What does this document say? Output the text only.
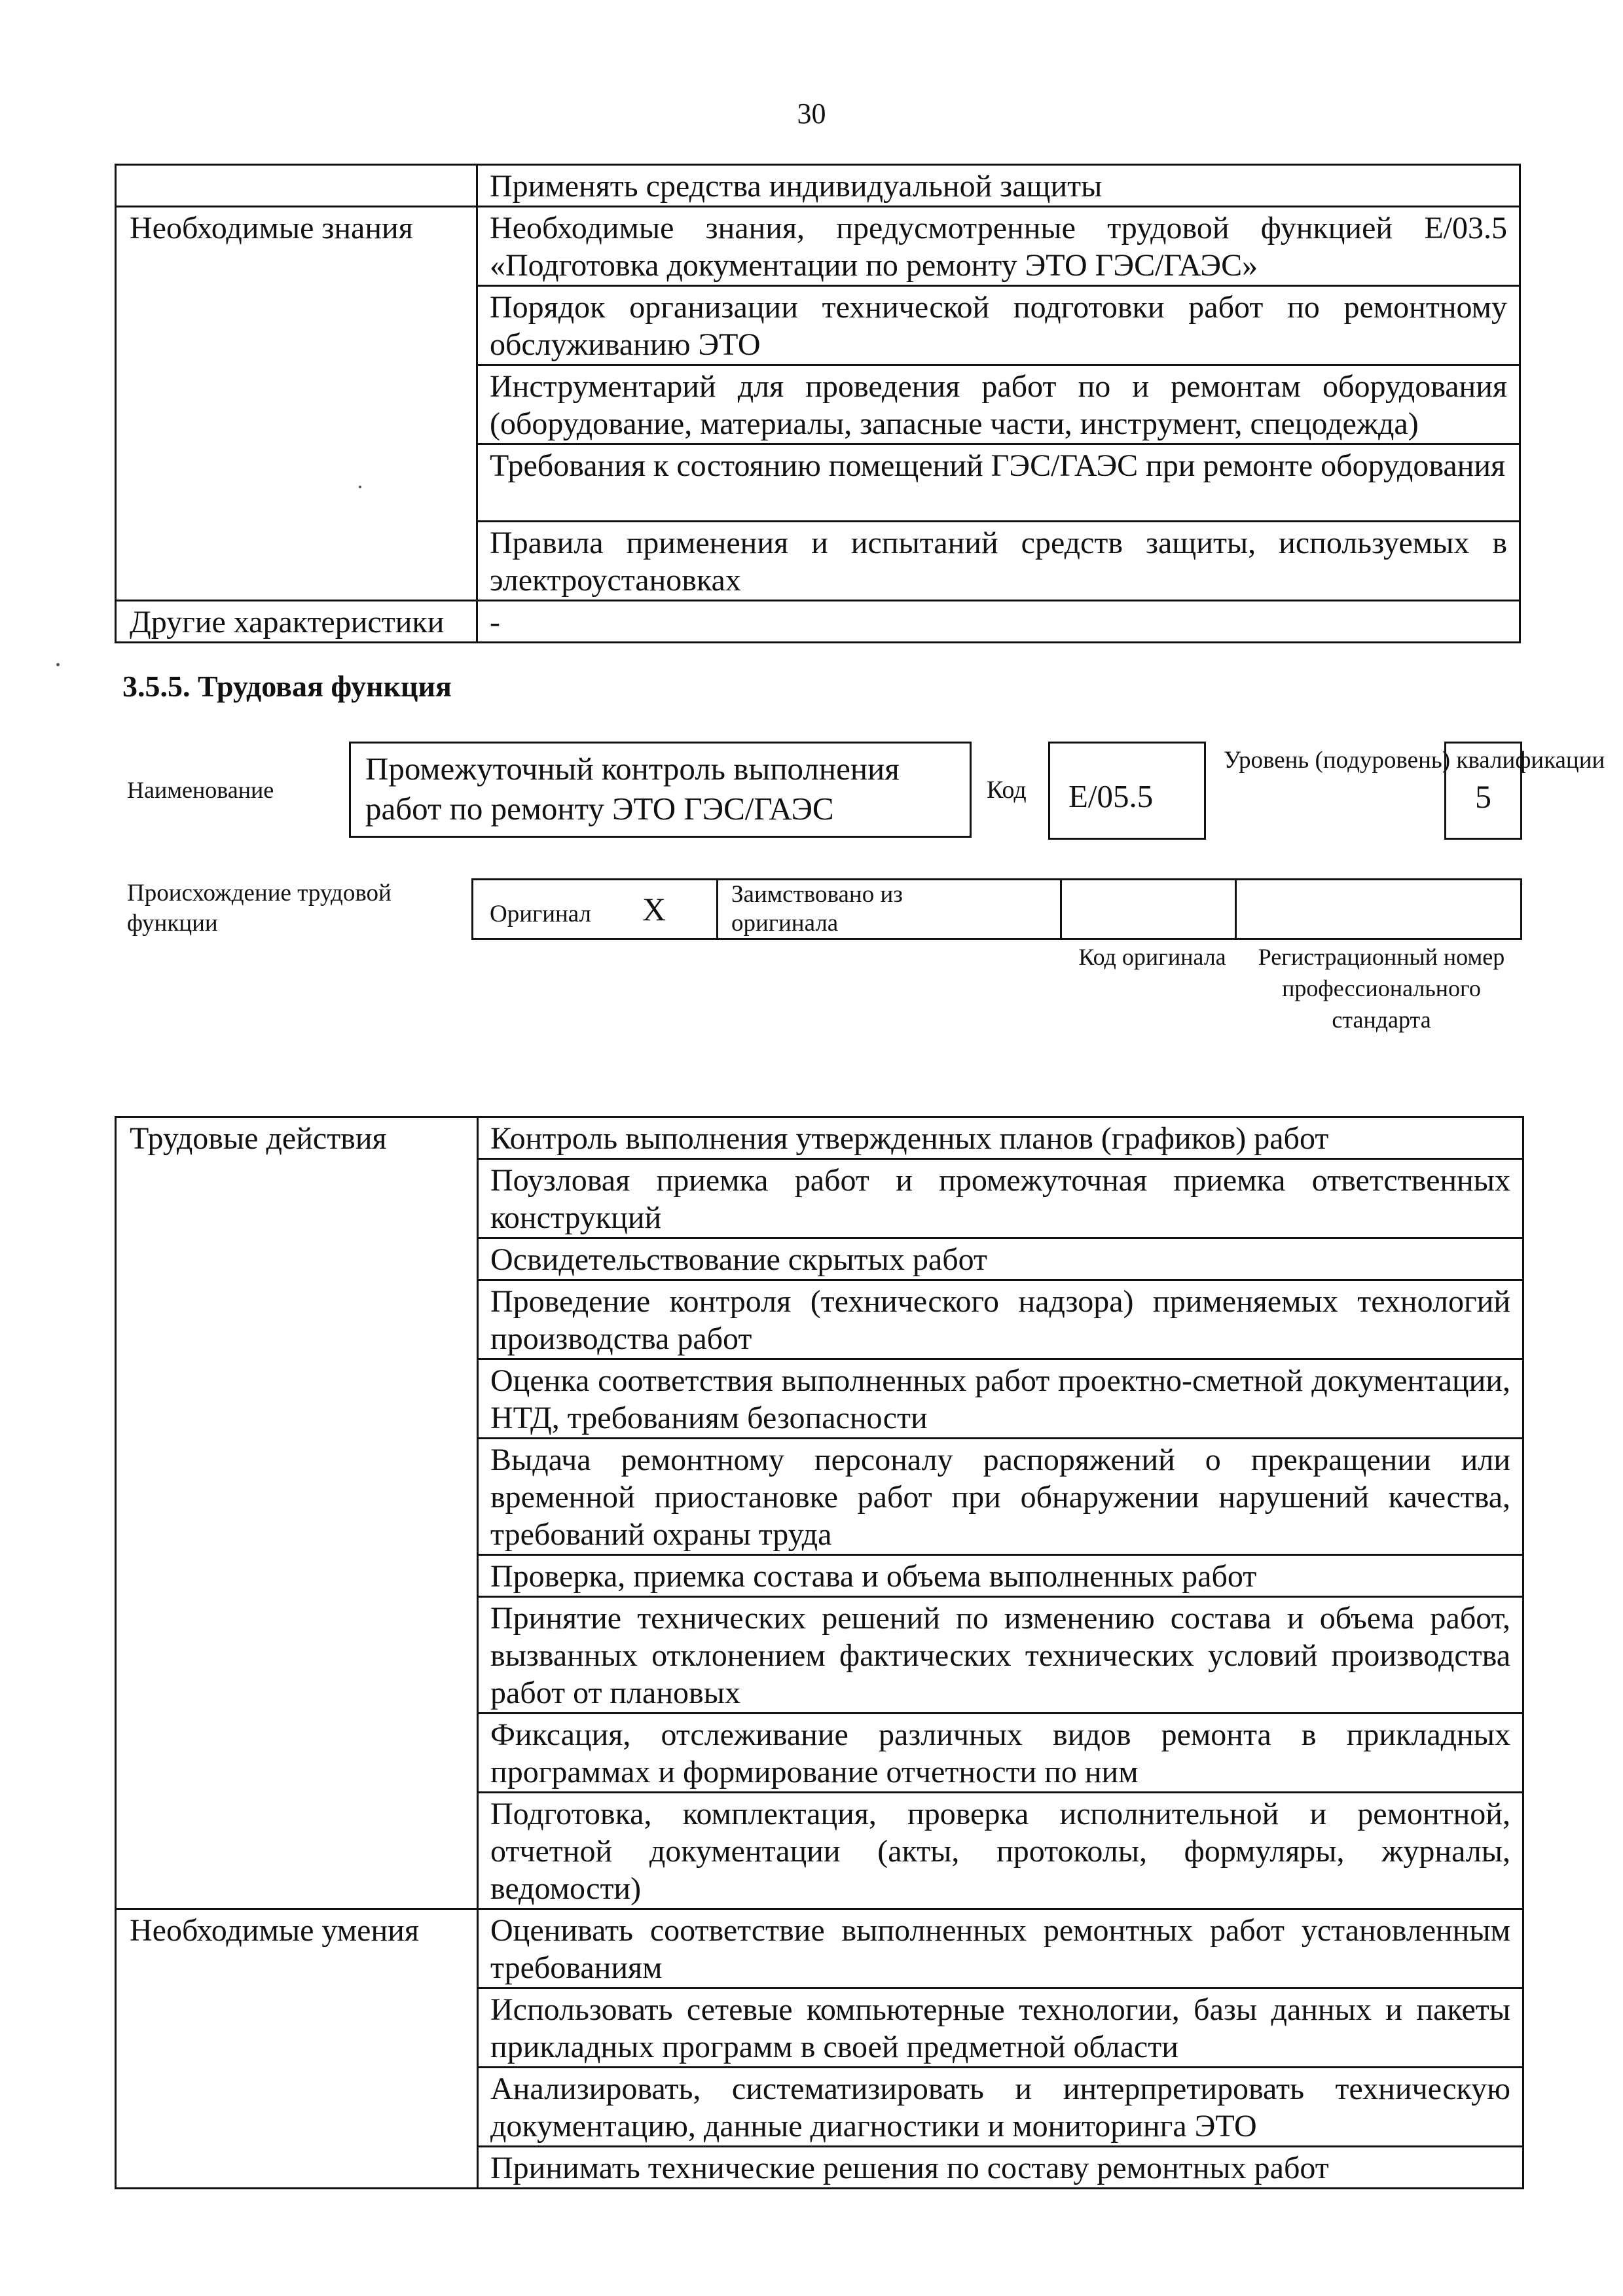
30
	Применять средства индивидуальной защиты
Необходимые знания	Необходимые знания, предусмотренные трудовой функцией E/03.5 «Подготовка документации по ремонту ЭТО ГЭС/ГАЭС»
	Порядок организации технической подготовки работ по ремонтному обслуживанию ЭТО
	Инструментарий для проведения работ по и ремонтам оборудования (оборудование, материалы, запасные части, инструмент, спецодежда)
	Требования к состоянию помещений ГЭС/ГАЭС при ремонте оборудования
	Правила применения и испытаний средств защиты, используемых в электроустановках
Другие характеристики	-
3.5.5. Трудовая функция
Наименование
Промежуточный контроль выполнения работ по ремонту ЭТО ГЭС/ГАЭС
Код	E/05.5
Уровень (подуровень) квалификации
5
Происхождение трудовой функции	Оригинал X	Заимствовано из оригинала
Код оригинала	Регистрационный номер профессионального стандарта
Трудовые действия	Контроль выполнения утвержденных планов (графиков) работ
	Поузловая приемка работ и промежуточная приемка ответственных конструкций
	Освидетельствование скрытых работ
	Проведение контроля (технического надзора) применяемых технологий производства работ
	Оценка соответствия выполненных работ проектно-сметной документации, НТД, требованиям безопасности
	Выдача ремонтному персоналу распоряжений о прекращении или временной приостановке работ при обнаружении нарушений качества, требований охраны труда
	Проверка, приемка состава и объема выполненных работ
	Принятие технических решений по изменению состава и объема работ, вызванных отклонением фактических технических условий производства работ от плановых
	Фиксация, отслеживание различных видов ремонта в прикладных программах и формирование отчетности по ним
	Подготовка, комплектация, проверка исполнительной и ремонтной, отчетной документации (акты, протоколы, формуляры, журналы, ведомости)
Необходимые умения	Оценивать соответствие выполненных ремонтных работ установленным требованиям
	Использовать сетевые компьютерные технологии, базы данных и пакеты прикладных программ в своей предметной области
	Анализировать, систематизировать и интерпретировать техническую документацию, данные диагностики и мониторинга ЭТО
	Принимать технические решения по составу ремонтных работ
